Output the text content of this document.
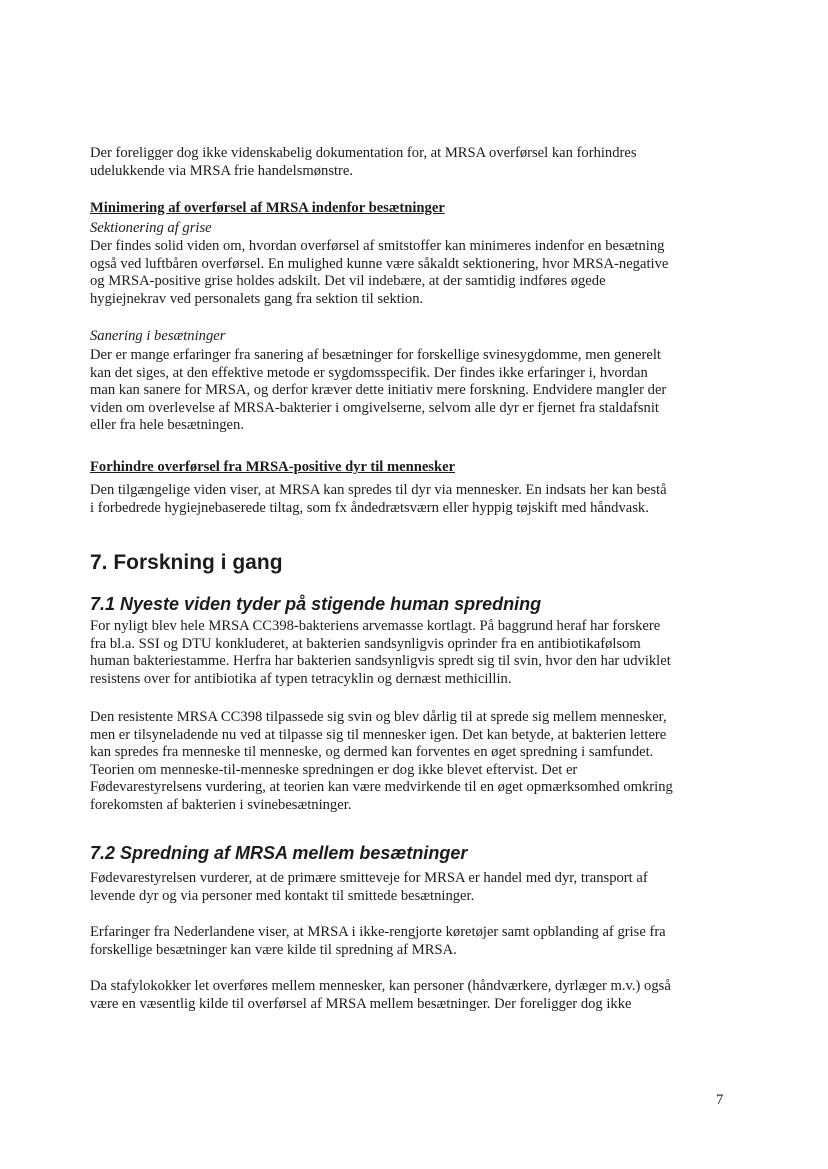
Der foreligger dog ikke videnskabelig dokumentation for, at MRSA overførsel kan forhindres
udelukkende via MRSA frie handelsmønstre.

Minimering af overførsel af MRSA indenfor besætninger

Sektionering af grise

Der findes solid viden om, hvordan overførsel af smitstoffer kan minimeres indenfor en besætning
også ved luftbåren overførsel. En mulighed kunne være såkaldt sektionering, hvor MRSA-negative
og MRSA-positive grise holdes adskilt. Det vil indebære, at der samtidig indføres øgede
hygiejnekrav ved personalets gang fra sektion til sektion.

Sanering i besætninger

Der er mange erfaringer fra sanering af besætninger for forskellige svinesygdomme, men generelt
kan det siges, at den effektive metode er sygdomsspecifik. Der findes ikke erfaringer i, hvordan
man kan sanere for MRSA, og derfor kræver dette initiativ mere forskning. Endvidere mangler der
viden om overlevelse af MRSA-bakterier i omgivelserne, selvom alle dyr er fjernet fra staldafsnit
eller fra hele besætningen.

Forhindre overførsel fra MRSA-positive dyr til mennesker

Den tilgængelige viden viser, at MRSA kan spredes til dyr via mennesker. En indsats her kan bestå
i forbedrede hygiejnebaserede tiltag, som fx åndedrætsværn eller hyppig tøjskift med håndvask.

7. Forskning i gang

7.1 Nyeste viden tyder på stigende human spredning

For nyligt blev hele MRSA CC398-bakteriens arvemasse kortlagt. På baggrund heraf har forskere
fra bl.a. SSI og DTU konkluderet, at bakterien sandsynligvis oprinder fra en antibiotikafølsom
human bakteriestamme. Herfra har bakterien sandsynligvis spredt sig til svin, hvor den har udviklet
resistens over for antibiotika af typen tetracyklin og dernæst methicillin.

Den resistente MRSA CC398 tilpassede sig svin og blev dårlig til at sprede sig mellem mennesker,
men er tilsyneladende nu ved at tilpasse sig til mennesker igen. Det kan betyde, at bakterien lettere
kan spredes fra menneske til menneske, og dermed kan forventes en øget spredning i samfundet.
Teorien om menneske-til-menneske spredningen er dog ikke blevet eftervist. Det er
Fødevarestyrelsens vurdering, at teorien kan være medvirkende til en øget opmærksomhed omkring
forekomsten af bakterien i svinebesætninger.

7.2 Spredning af MRSA mellem besætninger

Fødevarestyrelsen vurderer, at de primære smitteveje for MRSA er handel med dyr, transport af
levende dyr og via personer med kontakt til smittede besætninger.

Erfaringer fra Nederlandene viser, at MRSA i ikke-rengjorte køretøjer samt opblanding af grise fra
forskellige besætninger kan være kilde til spredning af MRSA.

Da stafylokokker let overføres mellem mennesker, kan personer (håndværkere, dyrlæger m.v.) også
være en væsentlig kilde til overførsel af MRSA mellem besætninger. Der foreligger dog ikke

7
